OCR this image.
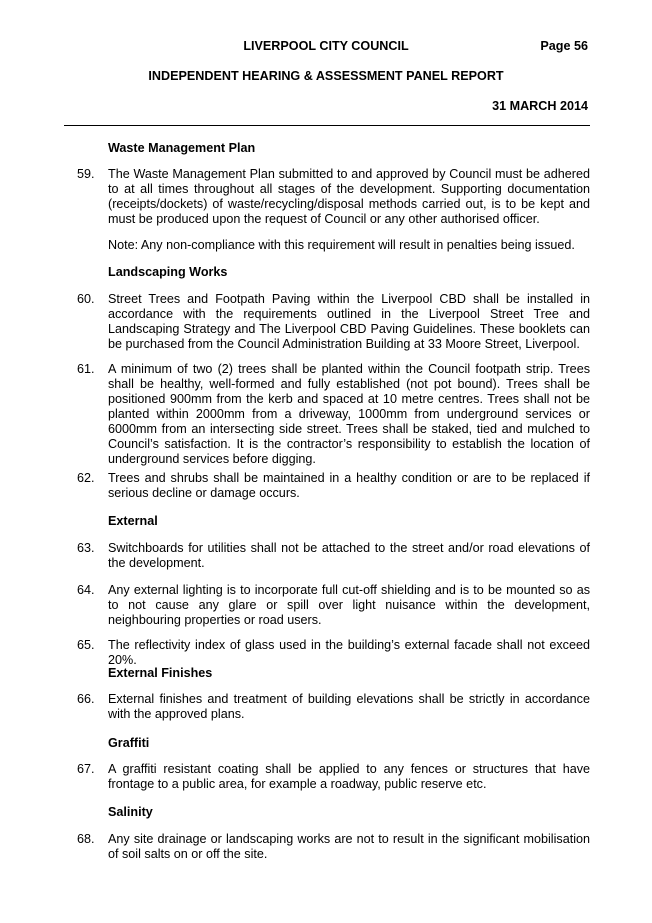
LIVERPOOL CITY COUNCIL	Page 56
INDEPENDENT HEARING & ASSESSMENT PANEL REPORT
31 MARCH 2014
Waste Management Plan
59. The Waste Management Plan submitted to and approved by Council must be adhered to at all times throughout all stages of the development. Supporting documentation (receipts/dockets) of waste/recycling/disposal methods carried out, is to be kept and must be produced upon the request of Council or any other authorised officer.
Note: Any non-compliance with this requirement will result in penalties being issued.
Landscaping Works
60. Street Trees and Footpath Paving within the Liverpool CBD shall be installed in accordance with the requirements outlined in the Liverpool Street Tree and Landscaping Strategy and The Liverpool CBD Paving Guidelines. These booklets can be purchased from the Council Administration Building at 33 Moore Street, Liverpool.
61. A minimum of two (2) trees shall be planted within the Council footpath strip. Trees shall be healthy, well-formed and fully established (not pot bound). Trees shall be positioned 900mm from the kerb and spaced at 10 metre centres. Trees shall not be planted within 2000mm from a driveway, 1000mm from underground services or 6000mm from an intersecting side street. Trees shall be staked, tied and mulched to Council’s satisfaction. It is the contractor’s responsibility to establish the location of underground services before digging.
62. Trees and shrubs shall be maintained in a healthy condition or are to be replaced if serious decline or damage occurs.
External
63. Switchboards for utilities shall not be attached to the street and/or road elevations of the development.
64. Any external lighting is to incorporate full cut-off shielding and is to be mounted so as to not cause any glare or spill over light nuisance within the development, neighbouring properties or road users.
65. The reflectivity index of glass used in the building’s external facade shall not exceed 20%.
External Finishes
66. External finishes and treatment of building elevations shall be strictly in accordance with the approved plans.
Graffiti
67. A graffiti resistant coating shall be applied to any fences or structures that have frontage to a public area, for example a roadway, public reserve etc.
Salinity
68. Any site drainage or landscaping works are not to result in the significant mobilisation of soil salts on or off the site.
